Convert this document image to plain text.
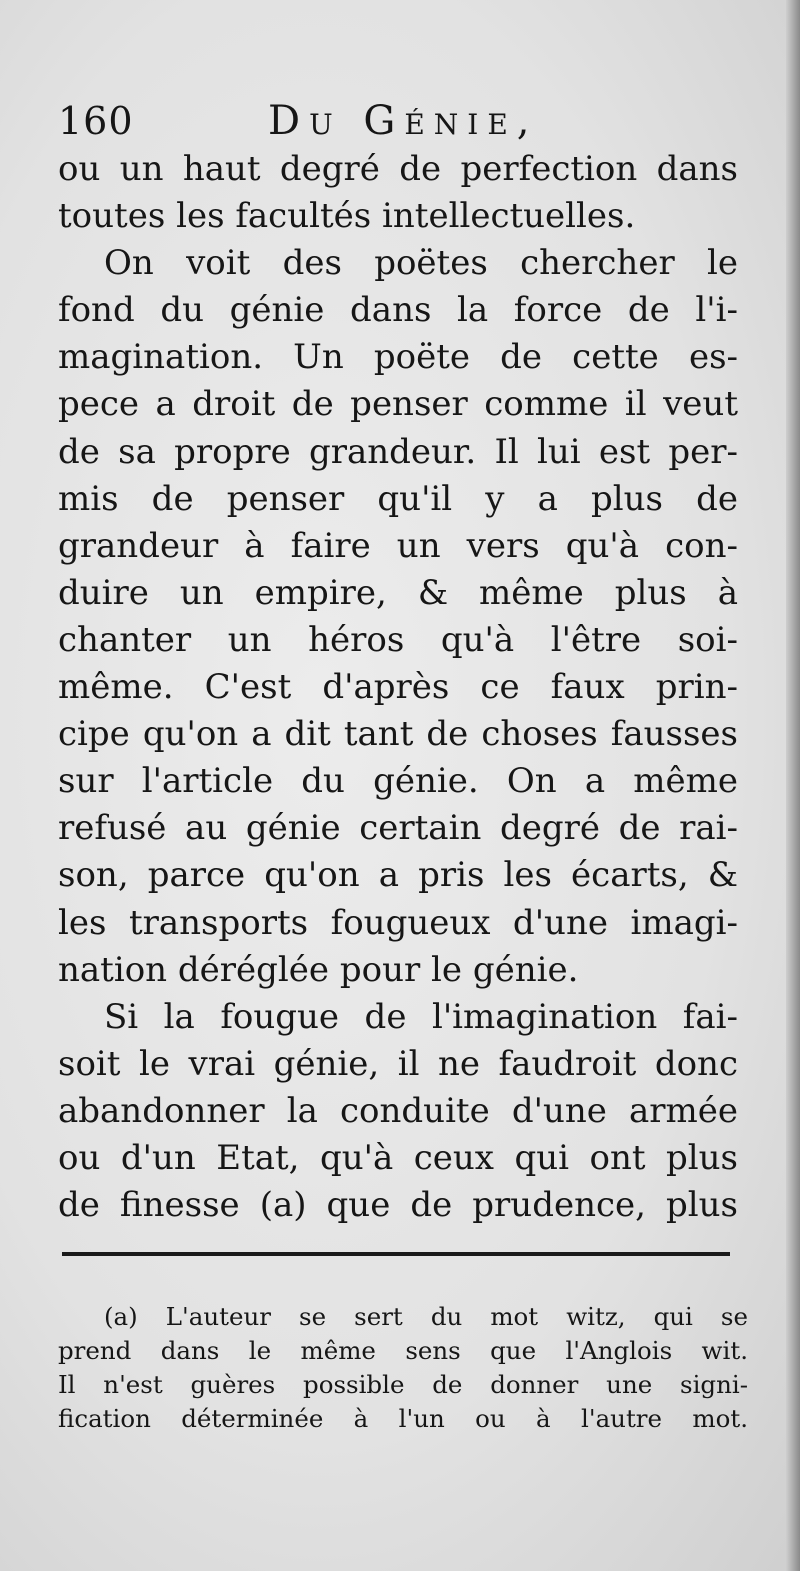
160	Du Génie,
ou un haut degré de perfection dans
toutes les facultés intellectuelles.
On voit des poëtes chercher le
fond du génie dans la force de l'i-
magination. Un poëte de cette es-
pece a droit de penser comme il veut
de sa propre grandeur. Il lui est per-
mis de penser qu'il y a plus de
grandeur à faire un vers qu'à con-
duire un empire, & même plus à
chanter un héros qu'à l'être soi-
même. C'est d'après ce faux prin-
cipe qu'on a dit tant de choses fausses
sur l'article du génie. On a même
refusé au génie certain degré de rai-
son, parce qu'on a pris les écarts, &
les transports fougueux d'une imagi-
nation déréglée pour le génie.
Si la fougue de l'imagination fai-
soit le vrai génie, il ne faudroit donc
abandonner la conduite d'une armée
ou d'un Etat, qu'à ceux qui ont plus
de finesse (a) que de prudence, plus
(a) L'auteur se sert du mot witz, qui se
prend dans le même sens que l'Anglois wit.
Il n'est guères possible de donner une signi-
fication déterminée à l'un ou à l'autre mot.
